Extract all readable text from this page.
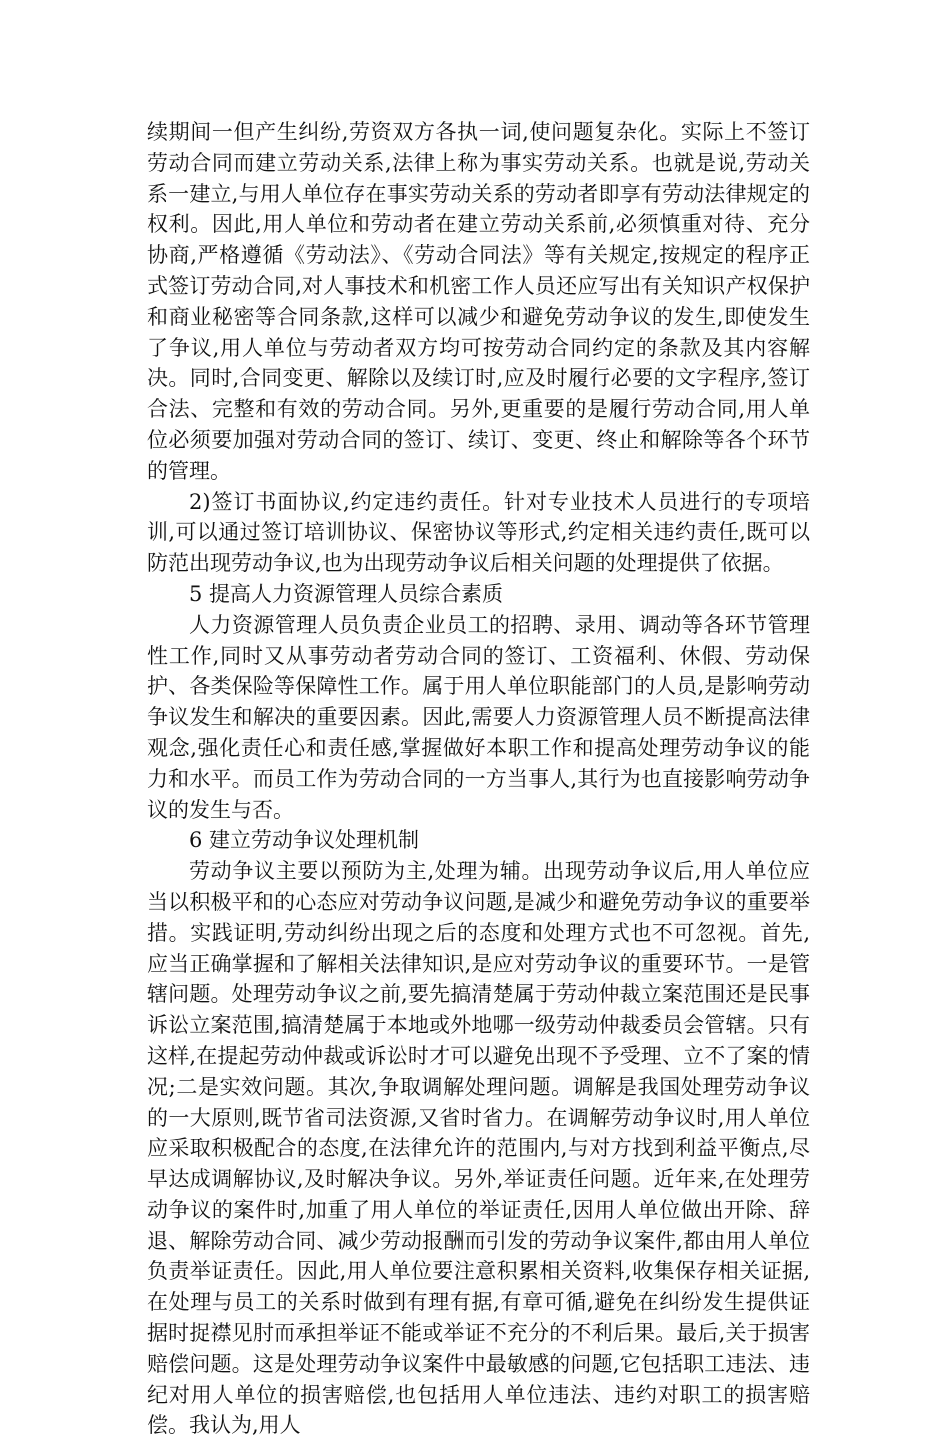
续期间一但产生纠纷,劳资双方各执一词,使问题复杂化。实际上不签订劳动合同而建立劳动关系,法律上称为事实劳动关系。也就是说,劳动关系一建立,与用人单位存在事实劳动关系的劳动者即享有劳动法律规定的权利。因此,用人单位和劳动者在建立劳动关系前,必须慎重对待、充分协商,严格遵循《劳动法》、《劳动合同法》等有关规定,按规定的程序正式签订劳动合同,对人事技术和机密工作人员还应写出有关知识产权保护和商业秘密等合同条款,这样可以减少和避免劳动争议的发生,即使发生了争议,用人单位与劳动者双方均可按劳动合同约定的条款及其内容解决。同时,合同变更、解除以及续订时,应及时履行必要的文字程序,签订合法、完整和有效的劳动合同。另外,更重要的是履行劳动合同,用人单位必须要加强对劳动合同的签订、续订、变更、终止和解除等各个环节的管理。

2)签订书面协议,约定违约责任。针对专业技术人员进行的专项培训,可以通过签订培训协议、保密协议等形式,约定相关违约责任,既可以防范出现劳动争议,也为出现劳动争议后相关问题的处理提供了依据。

5 提高人力资源管理人员综合素质

人力资源管理人员负责企业员工的招聘、录用、调动等各环节管理性工作,同时又从事劳动者劳动合同的签订、工资福利、休假、劳动保护、各类保险等保障性工作。属于用人单位职能部门的人员,是影响劳动争议发生和解决的重要因素。因此,需要人力资源管理人员不断提高法律观念,强化责任心和责任感,掌握做好本职工作和提高处理劳动争议的能力和水平。而员工作为劳动合同的一方当事人,其行为也直接影响劳动争议的发生与否。

6 建立劳动争议处理机制

劳动争议主要以预防为主,处理为辅。出现劳动争议后,用人单位应当以积极平和的心态应对劳动争议问题,是减少和避免劳动争议的重要举措。实践证明,劳动纠纷出现之后的态度和处理方式也不可忽视。首先,应当正确掌握和了解相关法律知识,是应对劳动争议的重要环节。一是管辖问题。处理劳动争议之前,要先搞清楚属于劳动仲裁立案范围还是民事诉讼立案范围,搞清楚属于本地或外地哪一级劳动仲裁委员会管辖。只有这样,在提起劳动仲裁或诉讼时才可以避免出现不予受理、立不了案的情况;二是实效问题。其次,争取调解处理问题。调解是我国处理劳动争议的一大原则,既节省司法资源,又省时省力。在调解劳动争议时,用人单位应采取积极配合的态度,在法律允许的范围内,与对方找到利益平衡点,尽早达成调解协议,及时解决争议。另外,举证责任问题。近年来,在处理劳动争议的案件时,加重了用人单位的举证责任,因用人单位做出开除、辞退、解除劳动合同、减少劳动报酬而引发的劳动争议案件,都由用人单位负责举证责任。因此,用人单位要注意积累相关资料,收集保存相关证据,在处理与员工的关系时做到有理有据,有章可循,避免在纠纷发生提供证据时捉襟见肘而承担举证不能或举证不充分的不利后果。最后,关于损害赔偿问题。这是处理劳动争议案件中最敏感的问题,它包括职工违法、违纪对用人单位的损害赔偿,也包括用人单位违法、违约对职工的损害赔偿。我认为,用人
